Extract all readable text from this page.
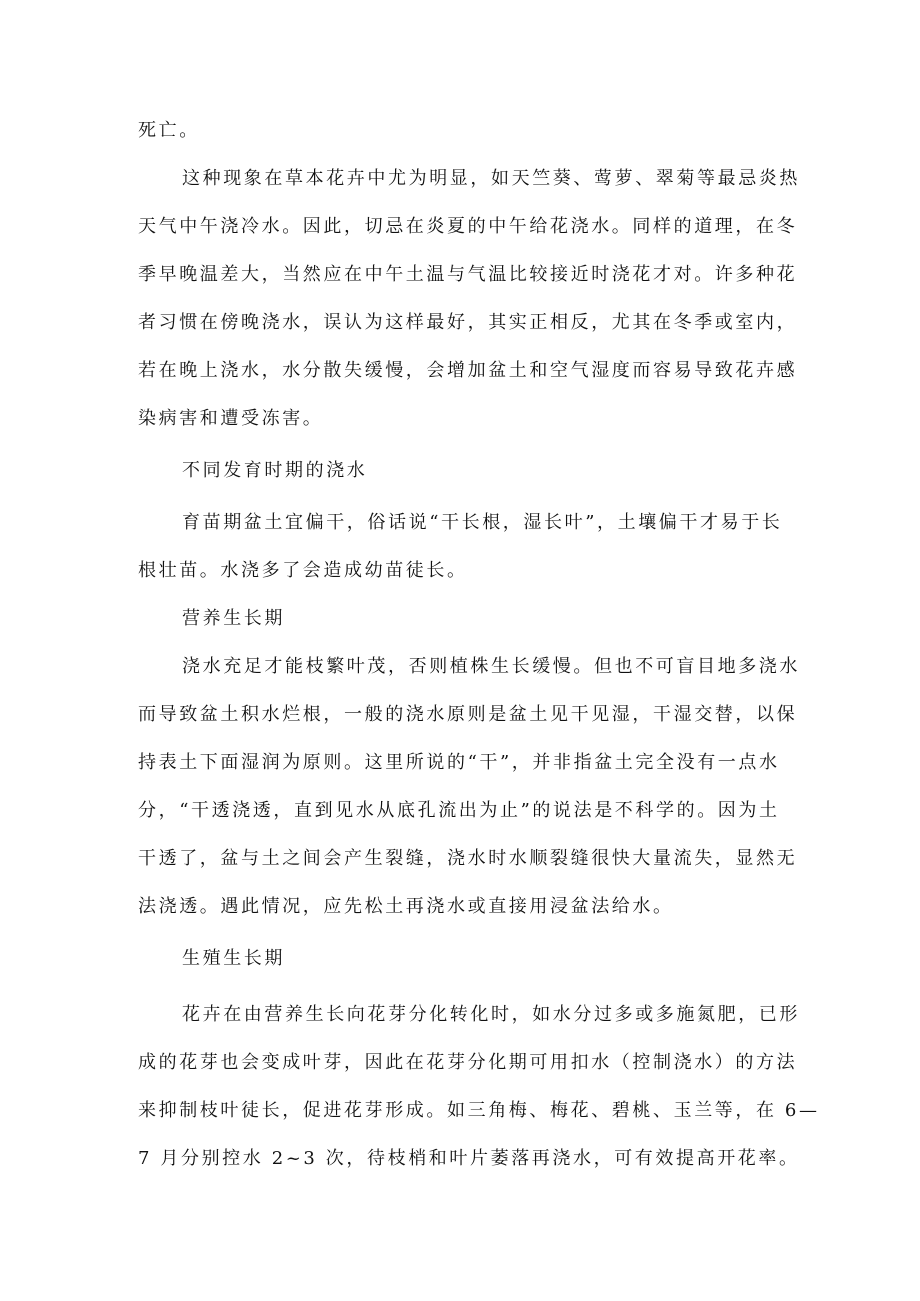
死亡。
这种现象在草本花卉中尤为明显，如天竺葵、莺萝、翠菊等最忌炎热
天气中午浇冷水。因此，切忌在炎夏的中午给花浇水。同样的道理，在冬
季早晚温差大，当然应在中午土温与气温比较接近时浇花才对。许多种花
者习惯在傍晚浇水，误认为这样最好，其实正相反，尤其在冬季或室内，
若在晚上浇水，水分散失缓慢，会增加盆土和空气湿度而容易导致花卉感
染病害和遭受冻害。
不同发育时期的浇水
育苗期盆土宜偏干，俗话说“干长根，湿长叶”，土壤偏干才易于长
根壮苗。水浇多了会造成幼苗徒长。
营养生长期
浇水充足才能枝繁叶茂，否则植株生长缓慢。但也不可盲目地多浇水
而导致盆土积水烂根，一般的浇水原则是盆土见干见湿，干湿交替，以保
持表土下面湿润为原则。这里所说的“干”，并非指盆土完全没有一点水
分，“干透浇透，直到见水从底孔流出为止”的说法是不科学的。因为土
干透了，盆与土之间会产生裂缝，浇水时水顺裂缝很快大量流失，显然无
法浇透。遇此情况，应先松土再浇水或直接用浸盆法给水。
生殖生长期
花卉在由营养生长向花芽分化转化时，如水分过多或多施氮肥，已形
成的花芽也会变成叶芽，因此在花芽分化期可用扣水（控制浇水）的方法
来抑制枝叶徒长，促进花芽形成。如三角梅、梅花、碧桃、玉兰等，在 6—
7 月分别控水 2~3 次，待枝梢和叶片萎落再浇水，可有效提高开花率。
